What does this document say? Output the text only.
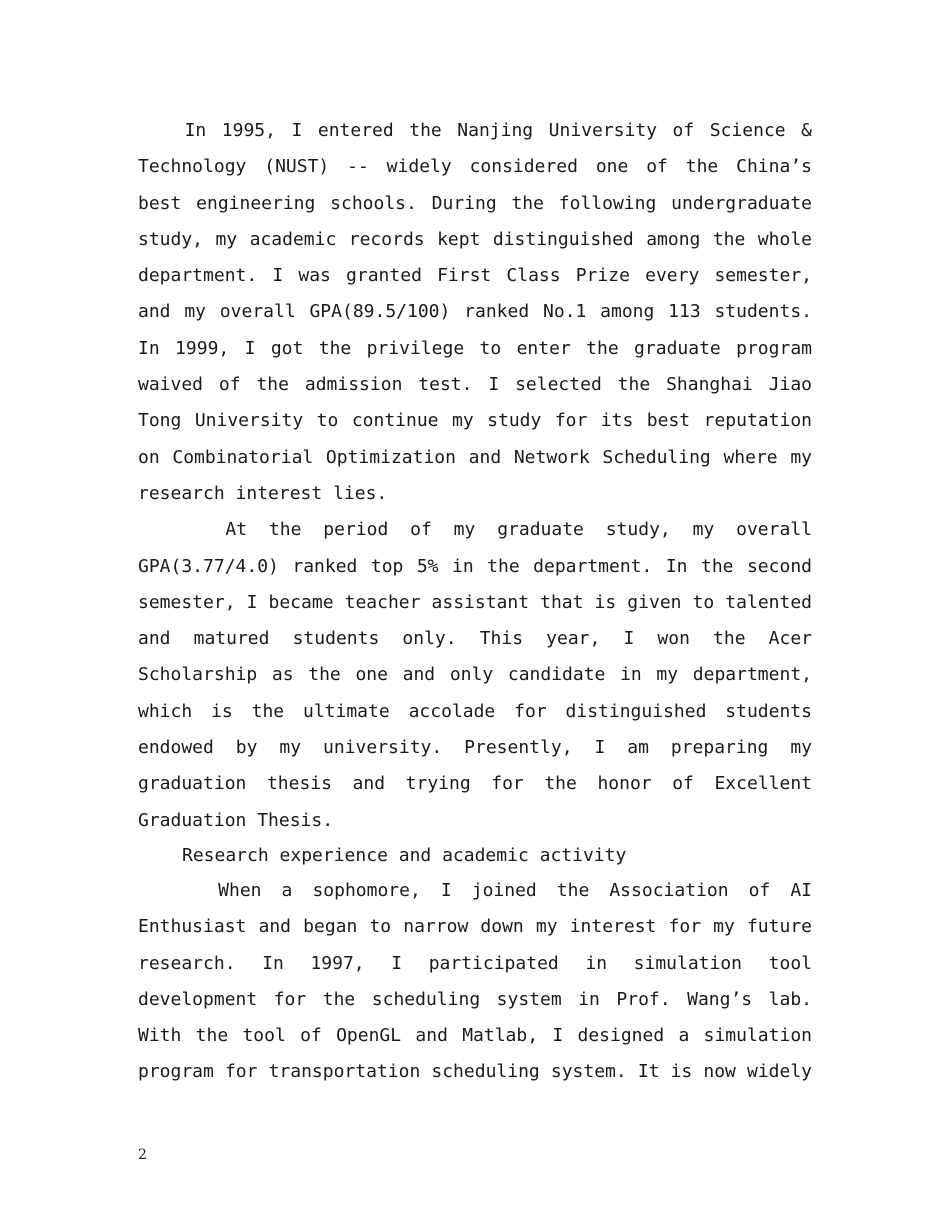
In 1995, I entered the Nanjing University of Science &
Technology (NUST) -- widely considered one of the China’s
best engineering schools. During the following undergraduate
study, my academic records kept distinguished among the whole
department. I was granted First Class Prize every semester,
and my overall GPA(89.5/100) ranked No.1 among 113 students.
In 1999, I got the privilege to enter the graduate program
waived of the admission test. I selected the Shanghai Jiao
Tong University to continue my study for its best reputation
on Combinatorial Optimization and Network Scheduling where my
research interest lies.
At the period of my graduate study, my overall
GPA(3.77/4.0) ranked top 5% in the department. In the second
semester, I became teacher assistant that is given to talented
and matured students only. This year, I won the Acer
Scholarship as the one and only candidate in my department,
which is the ultimate accolade for distinguished students
endowed by my university. Presently, I am preparing my
graduation thesis and trying for the honor of Excellent
Graduation Thesis.
Research experience and academic activity
When a sophomore, I joined the Association of AI
Enthusiast and began to narrow down my interest for my future
research. In 1997, I participated in simulation tool
development for the scheduling system in Prof. Wang’s lab.
With the tool of OpenGL and Matlab, I designed a simulation
program for transportation scheduling system. It is now widely
2
